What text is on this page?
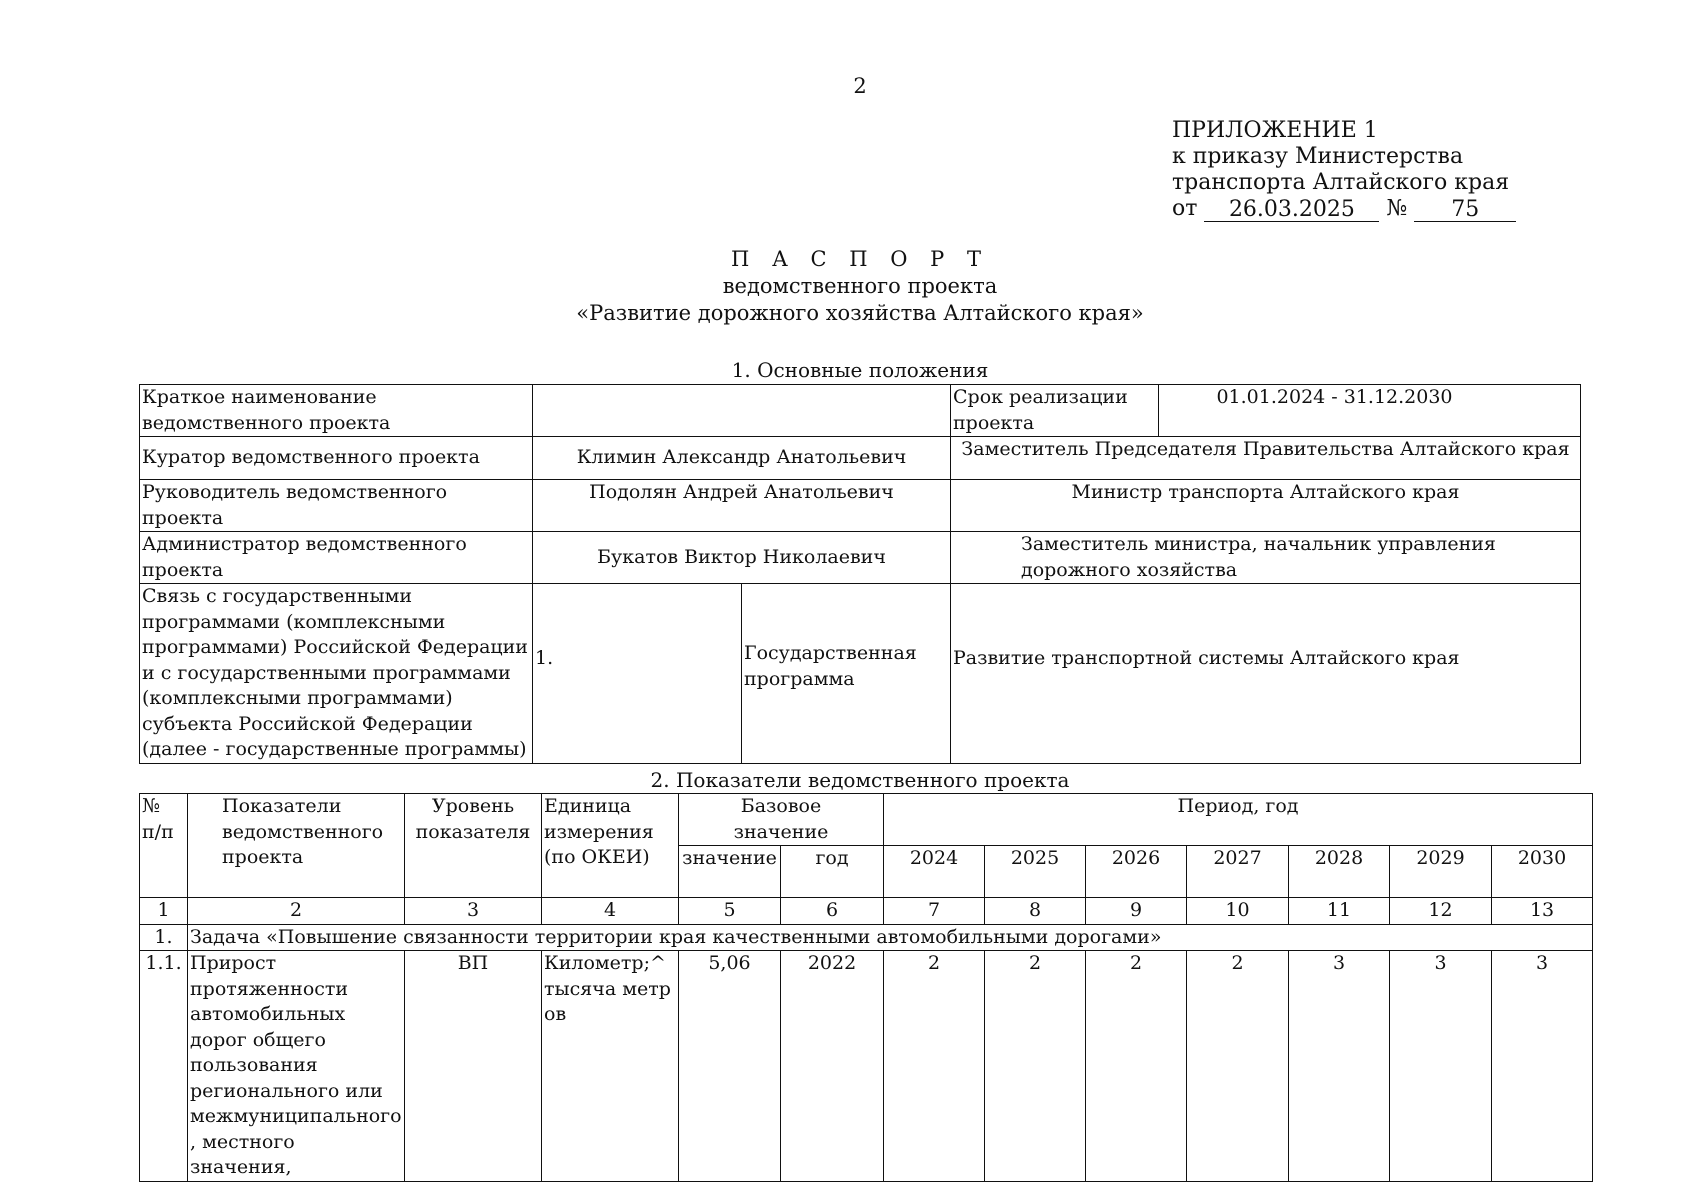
2
ПРИЛОЖЕНИЕ 1
к приказу Министерства
транспорта Алтайского края
от 26.03.2025 № 75
П А С П О Р Т
ведомственного проекта
«Развитие дорожного хозяйства Алтайского края»
1. Основные положения
Краткое наименование ведомственного проекта			Срок реализации проекта	01.01.2024 - 31.12.2030
Куратор ведомственного проекта	Климин Александр Анатольевич		Заместитель Председателя Правительства Алтайского края	
Руководитель ведомственного проекта	Подолян Андрей Анатольевич		Министр транспорта Алтайского края	
Администратор ведомственного проекта	Букатов Виктор Николаевич		Заместитель министра, начальник управления дорожного хозяйства	

Связь с государственными программами (комплексными программами) Российской Федерации и с государственными программами (комплексными программами) субъекта Российской Федерации (далее - государственные программы)	1.	Государственная программа	Развитие транспортной системы Алтайского края	
2. Показатели ведомственного проекта
№ п/п	Показатели ведомственного проекта	Уровень показателя	Единица измерения (по ОКЕИ)	Базовое значение		Период, год						
				значение	год	2024	2025	2026	2027	2028	2029	2030
1	2	3	4	5	6	7	8	9	10	11	12	13
1.	Задача «Повышение связанности территории края качественными автомобильными дорогами»											
1.1.	Прирост протяженности автомобильных дорог общего пользования регионального или межмуниципального, местного значения,	ВП	Километр;^тысяча метров	5,06	2022	2	2	2	2	3	3	3
